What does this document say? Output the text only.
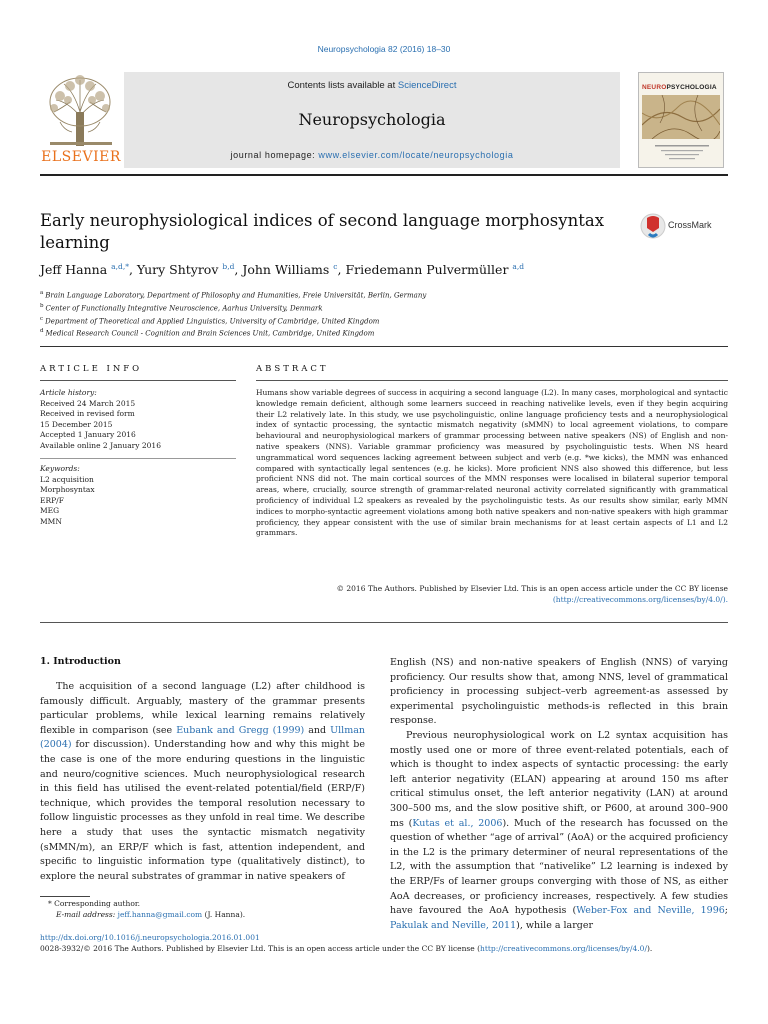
Neuropsychologia 82 (2016) 18–30
ELSEVIER
Contents lists available at ScienceDirect
Neuropsychologia
journal homepage: www.elsevier.com/locate/neuropsychologia
NEUROPSYCHOLOGIA
Early neurophysiological indices of second language morphosyntax learning
CrossMark
Jeff Hanna $^{a,d,*}$, Yury Shtyrov $^{b,d}$, John Williams $^c$, Friedemann Pulvermüller $^{a,d}$
$^a$ Brain Language Laboratory, Department of Philosophy and Humanities, Freie Universität, Berlin, Germany
$^b$ Center of Functionally Integrative Neuroscience, Aarhus University, Denmark
$^c$ Department of Theoretical and Applied Linguistics, University of Cambridge, United Kingdom
$^d$ Medical Research Council - Cognition and Brain Sciences Unit, Cambridge, United Kingdom
ARTICLE INFO	ABSTRACT
Article history:
Received 24 March 2015
Received in revised form
15 December 2015
Accepted 1 January 2016
Available online 2 January 2016
Keywords:
L2 acquisition
Morphosyntax
ERP/F
MEG
MMN
Humans show variable degrees of success in acquiring a second language (L2). In many cases, morphological and syntactic knowledge remain deficient, although some learners succeed in reaching nativelike levels, even if they begin acquiring their L2 relatively late. In this study, we use psycholinguistic, online language proficiency tests and a neurophysiological index of syntactic processing, the syntactic mismatch negativity (sMMN) to local agreement violations, to compare behavioural and neurophysiological markers of grammar processing between native speakers (NS) of English and non-native speakers (NNS). Variable grammar proficiency was measured by psycholinguistic tests. When NS heard ungrammatical word sequences lacking agreement between subject and verb (e.g. *we kicks), the MMN was enhanced compared with syntactically legal sentences (e.g. he kicks). More proficient NNS also showed this difference, but less proficient NNS did not. The main cortical sources of the MMN responses were localised in bilateral superior temporal areas, where, crucially, source strength of grammar-related neuronal activity correlated significantly with grammatical proficiency of individual L2 speakers as revealed by the psycholinguistic tests. As our results show similar, early MMN indices to morpho-syntactic agreement violations among both native speakers and non-native speakers with high grammar proficiency, they appear consistent with the use of similar brain mechanisms for at least certain aspects of L1 and L2 grammars.
© 2016 The Authors. Published by Elsevier Ltd. This is an open access article under the CC BY license
(http://creativecommons.org/licenses/by/4.0/).
1. Introduction

The acquisition of a second language (L2) after childhood is famously difficult. Arguably, mastery of the grammar presents particular problems, while lexical learning remains relatively flexible in comparison (see Eubank and Gregg (1999) and Ullman (2004) for discussion). Understanding how and why this might be the case is one of the more enduring questions in the linguistic and neuro/cognitive sciences. Much neurophysiological research in this field has utilised the event-related potential/field (ERP/F) technique, which provides the temporal resolution necessary to follow linguistic processes as they unfold in real time. We describe here a study that uses the syntactic mismatch negativity (sMMN/m), an ERP/F which is fast, attention independent, and specific to linguistic information type (qualitatively distinct), to explore the neural substrates of grammar in native speakers of

English (NS) and non-native speakers of English (NNS) of varying proficiency. Our results show that, among NNS, level of grammatical proficiency in processing subject–verb agreement-as assessed by experimental psycholinguistic methods-is reflected in this brain response.

Previous neurophysiological work on L2 syntax acquisition has mostly used one or more of three event-related potentials, each of which is thought to index aspects of syntactic processing: the early left anterior negativity (ELAN) appearing at around 150 ms after critical stimulus onset, the left anterior negativity (LAN) at around 300–500 ms, and the slow positive shift, or P600, at around 300–900 ms (Kutas et al., 2006). Much of the research has focussed on the question of whether “age of arrival” (AoA) or the acquired proficiency in the L2 is the primary determiner of neural representations of the L2, with the assumption that “nativelike” L2 learning is indexed by the ERP/Fs of learner groups converging with those of NS, as either AoA decreases, or proficiency increases, respectively. A few studies have favoured the AoA hypothesis (Weber-Fox and Neville, 1996; Pakulak and Neville, 2011), while a larger

* Corresponding author.
E-mail address: jeff.hanna@gmail.com (J. Hanna).
http://dx.doi.org/10.1016/j.neuropsychologia.2016.01.001
0028-3932/© 2016 The Authors. Published by Elsevier Ltd. This is an open access article under the CC BY license (http://creativecommons.org/licenses/by/4.0/).
